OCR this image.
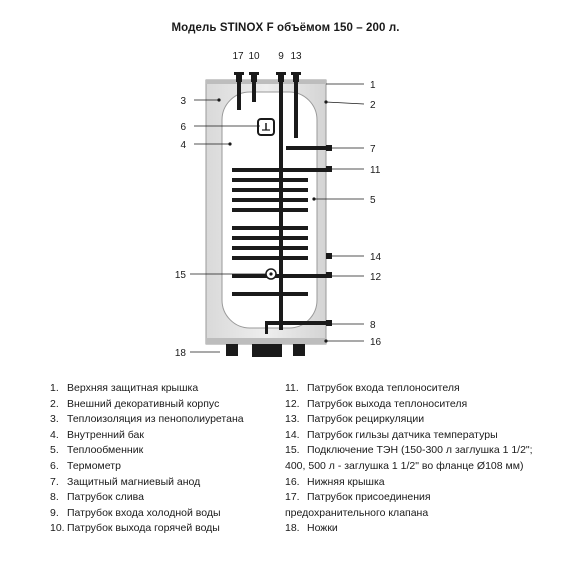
Модель STINOX F объёмом 150 – 200 л.
17 10 9 13
1
2
7
11
5
14
12
8
16
3
6
4
15
18
1. Верхняя защитная крышка
2. Внешний декоративный корпус
3. Теплоизоляция из пенополиуретана
4. Внутренний бак
5. Теплообменник
6. Термометр
7. Защитный магниевый анод
8. Патрубок слива
9. Патрубок входа холодной воды
10. Патрубок выхода горячей воды
11. Патрубок входа теплоносителя
12. Патрубок выхода теплоносителя
13. Патрубок рециркуляции
14. Патрубок гильзы датчика температуры
15. Подключение ТЭН (150-300 л заглушка 1 1/2";
400, 500 л - заглушка 1 1/2" во фланце Ø108 мм)
16. Нижняя крышка
17. Патрубок присоединения
предохранительного клапана
18. Ножки
